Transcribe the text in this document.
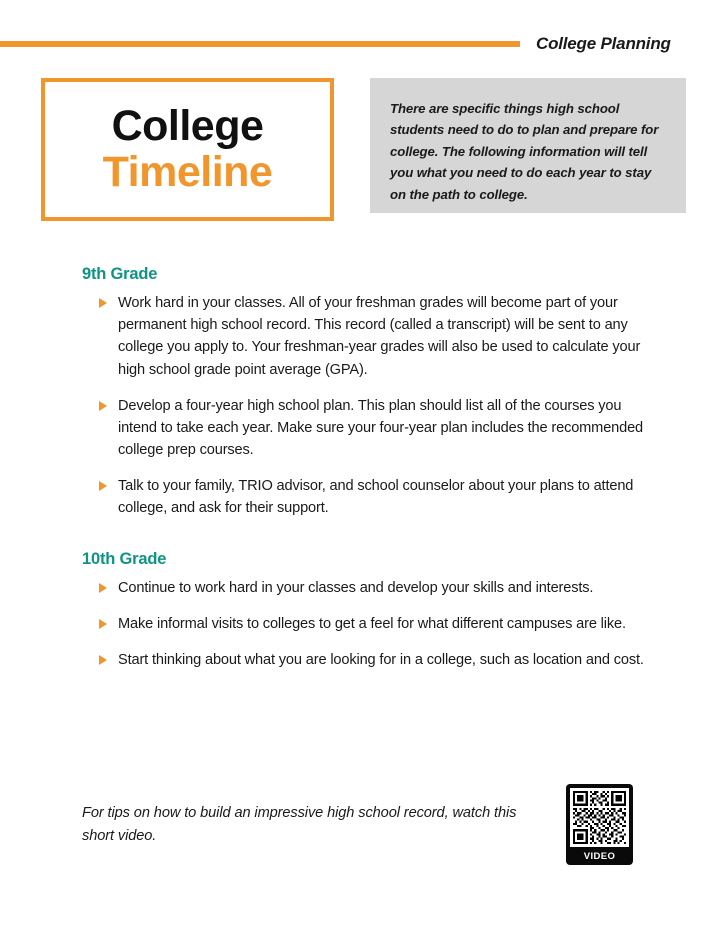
College Planning
College
Timeline
There are specific things high school students need to do to plan and prepare for college. The following information will tell you what you need to do each year to stay on the path to college.
9th Grade
Work hard in your classes. All of your freshman grades will become part of your permanent high school record. This record (called a transcript) will be sent to any college you apply to. Your freshman-year grades will also be used to calculate your high school grade point average (GPA).
Develop a four-year high school plan. This plan should list all of the courses you intend to take each year. Make sure your four-year plan includes the recommended college prep courses.
Talk to your family, TRIO advisor, and school counselor about your plans to attend college, and ask for their support.
10th Grade
Continue to work hard in your classes and develop your skills and interests.
Make informal visits to colleges to get a feel for what different campuses are like.
Start thinking about what you are looking for in a college, such as location and cost.
For tips on how to build an impressive high school record, watch this short video.
VIDEO
